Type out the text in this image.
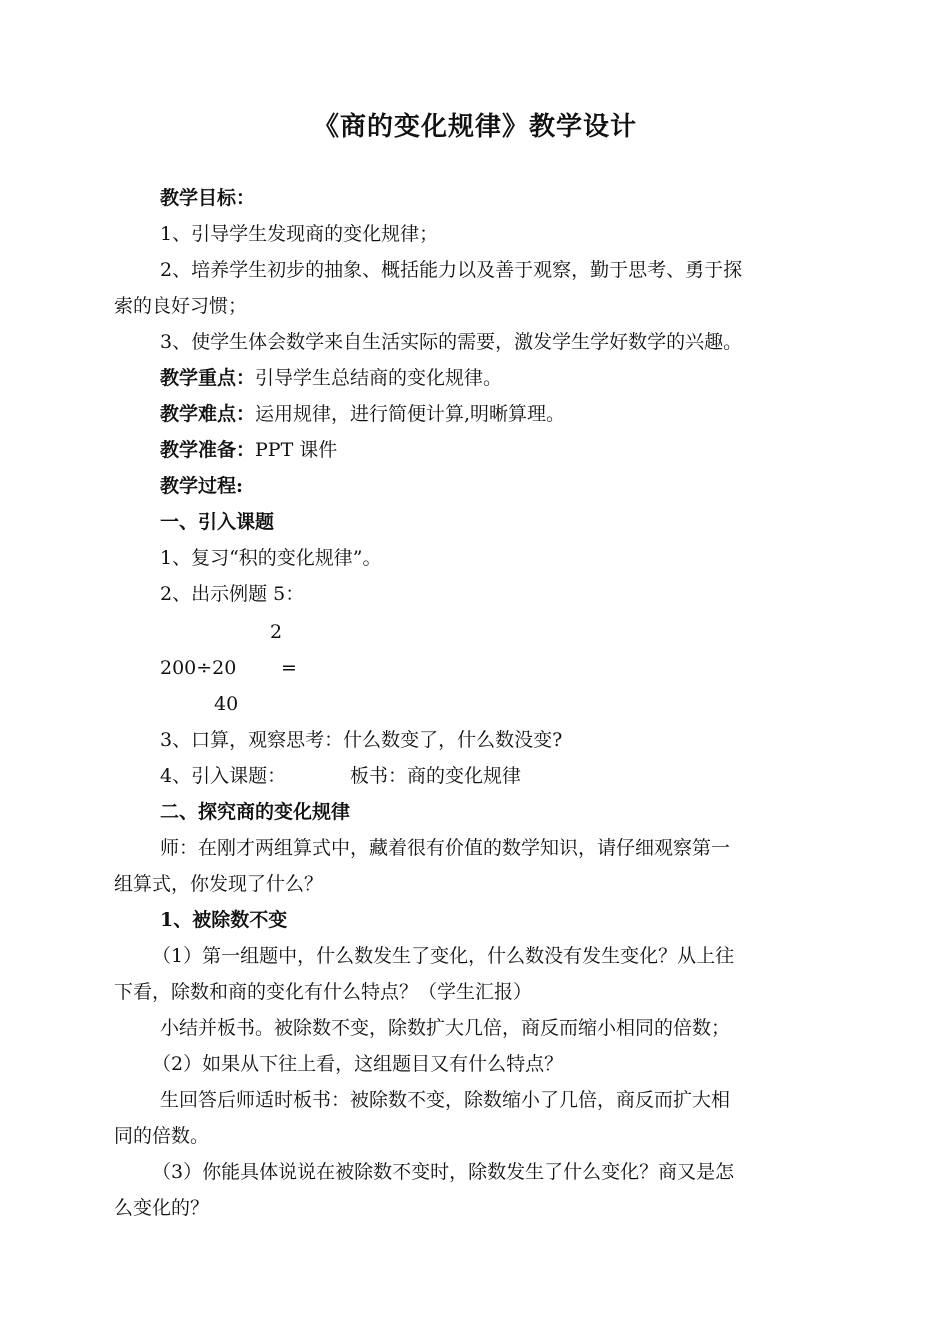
《商的变化规律》教学设计
教学目标：
1、引导学生发现商的变化规律；
2、培养学生初步的抽象、概括能力以及善于观察，勤于思考、勇于探
索的良好习惯；
3、使学生体会数学来自生活实际的需要，激发学生学好数学的兴趣。
教学重点：引导学生总结商的变化规律。
教学难点：运用规律，进行简便计算,明晰算理。
教学准备：PPT 课件
教学过程:
一、引入课题
1、复习“积的变化规律”。
2、出示例题 5：
2
200÷20 =
40
3、口算，观察思考：什么数变了，什么数没变?
4、引入课题：	板书：商的变化规律
二、探究商的变化规律
师：在刚才两组算式中，藏着很有价值的数学知识，请仔细观察第一
组算式，你发现了什么？
1、被除数不变
（1）第一组题中，什么数发生了变化，什么数没有发生变化？从上往
下看，除数和商的变化有什么特点？（学生汇报）
小结并板书。被除数不变，除数扩大几倍，商反而缩小相同的倍数；
（2）如果从下往上看，这组题目又有什么特点？
生回答后师适时板书：被除数不变，除数缩小了几倍，商反而扩大相
同的倍数。
（3）你能具体说说在被除数不变时，除数发生了什么变化？商又是怎
么变化的？
